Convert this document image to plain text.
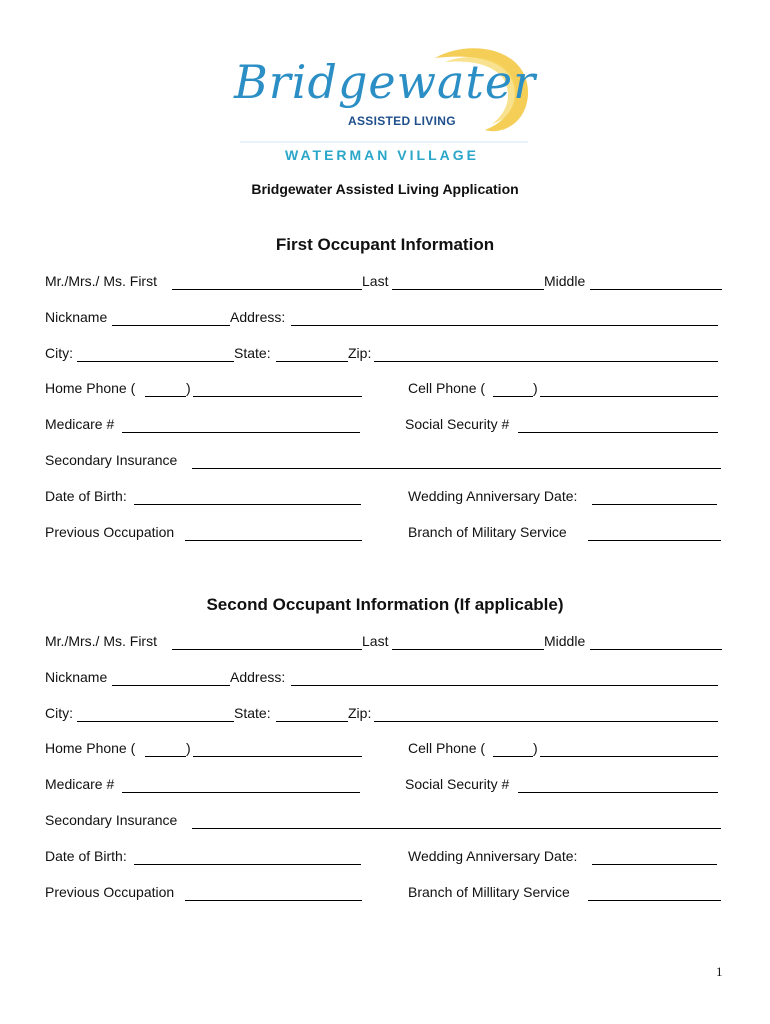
Bridgewater
ASSISTED LIVING
WATERMAN VILLAGE
Bridgewater Assisted Living Application
First Occupant Information
Mr./Mrs./ Ms. First	Last	Middle
Nickname	Address:
City:	State:	Zip:
Home Phone (	)	Cell Phone (	)
Medicare #	Social Security #
Secondary Insurance
Date of Birth:	Wedding Anniversary Date:
Previous Occupation	Branch of Military Service
Second Occupant Information (If applicable)
Mr./Mrs./ Ms. First	Last	Middle
Nickname	Address:
City:	State:	Zip:
Home Phone (	)	Cell Phone (	)
Medicare #	Social Security #
Secondary Insurance
Date of Birth:	Wedding Anniversary Date:
Previous Occupation	Branch of Millitary Service
1
